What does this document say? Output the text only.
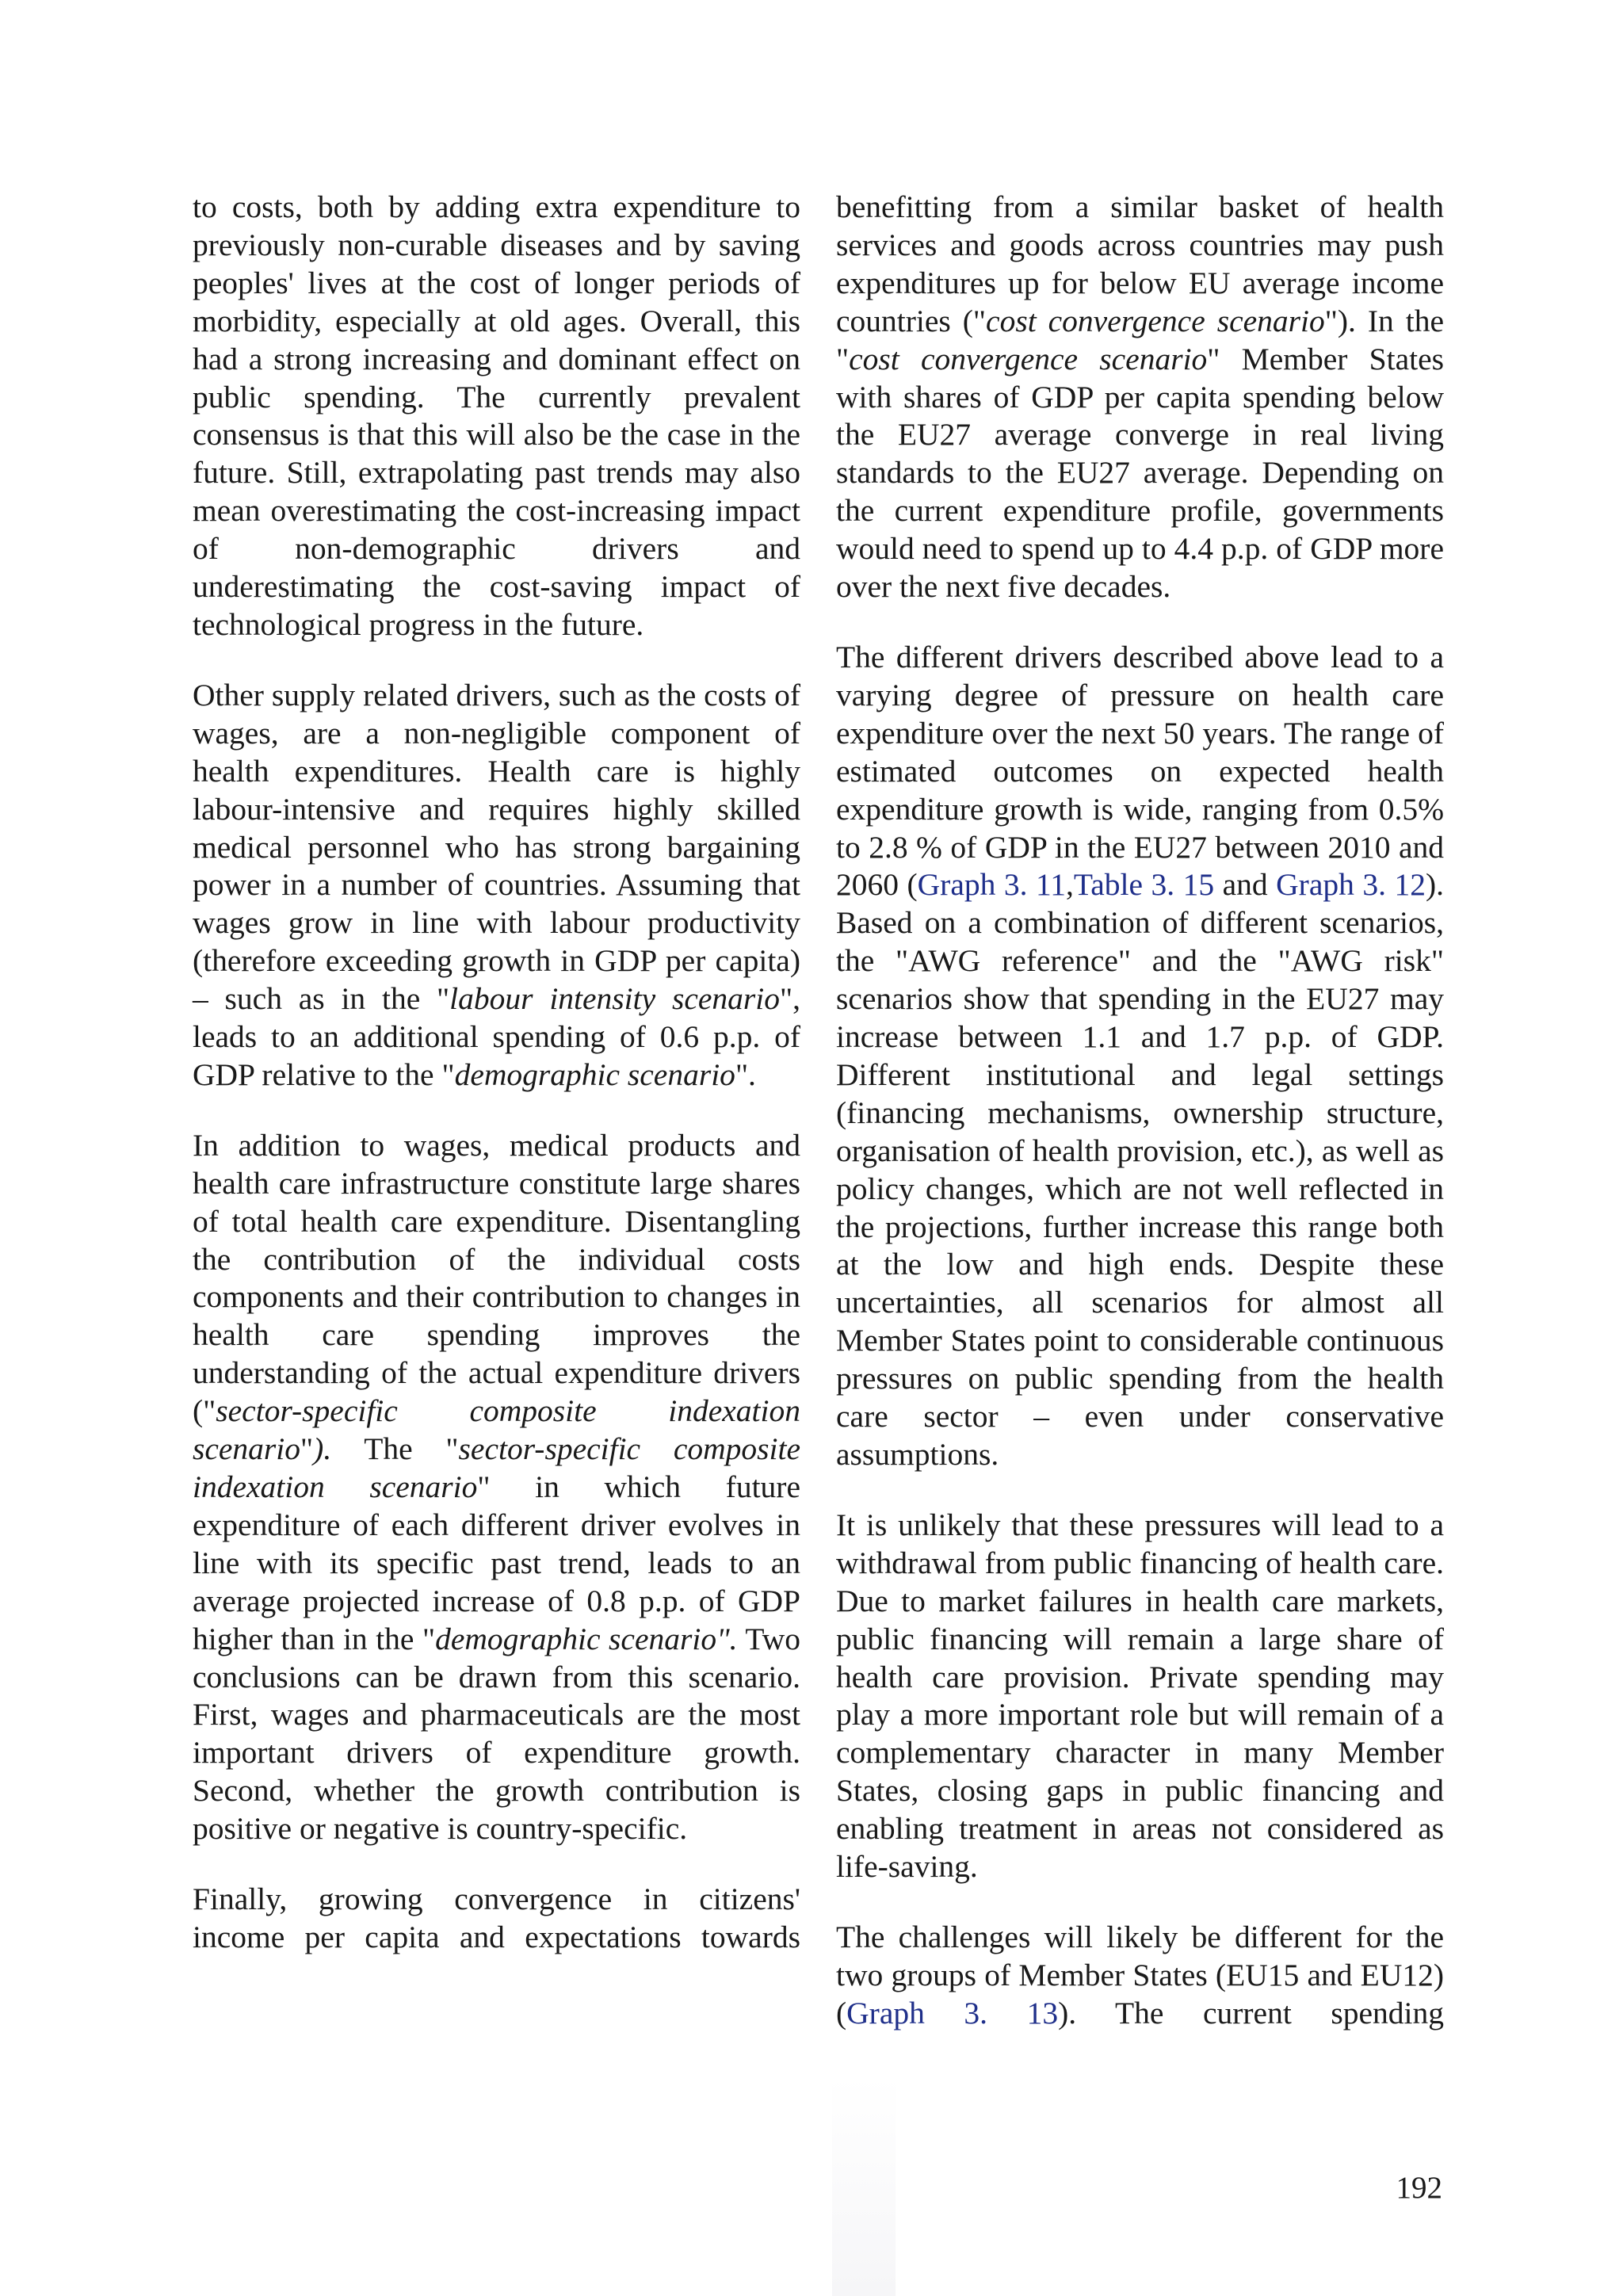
to costs, both by adding extra expenditure to previously non-curable diseases and by saving peoples' lives at the cost of longer periods of morbidity, especially at old ages. Overall, this had a strong increasing and dominant effect on public spending. The currently prevalent consensus is that this will also be the case in the future. Still, extrapolating past trends may also mean overestimating the cost-increasing impact of non-demographic drivers and underestimating the cost-saving impact of technological progress in the future.

Other supply related drivers, such as the costs of wages, are a non-negligible component of health expenditures. Health care is highly labour-intensive and requires highly skilled medical personnel who has strong bargaining power in a number of countries. Assuming that wages grow in line with labour productivity (therefore exceeding growth in GDP per capita) – such as in the "labour intensity scenario", leads to an additional spending of 0.6 p.p. of GDP relative to the "demographic scenario".

In addition to wages, medical products and health care infrastructure constitute large shares of total health care expenditure. Disentangling the contribution of the individual costs components and their contribution to changes in health care spending improves the understanding of the actual expenditure drivers ("sector-specific composite indexation scenario"). The "sector-specific composite indexation scenario" in which future expenditure of each different driver evolves in line with its specific past trend, leads to an average projected increase of 0.8 p.p. of GDP higher than in the "demographic scenario". Two conclusions can be drawn from this scenario. First, wages and pharmaceuticals are the most important drivers of expenditure growth. Second, whether the growth contribution is positive or negative is country-specific.

Finally, growing convergence in citizens' income per capita and expectations towards

benefitting from a similar basket of health services and goods across countries may push expenditures up for below EU average income countries ("cost convergence scenario"). In the "cost convergence scenario" Member States with shares of GDP per capita spending below the EU27 average converge in real living standards to the EU27 average. Depending on the current expenditure profile, governments would need to spend up to 4.4 p.p. of GDP more over the next five decades.

The different drivers described above lead to a varying degree of pressure on health care expenditure over the next 50 years. The range of estimated outcomes on expected health expenditure growth is wide, ranging from 0.5% to 2.8 % of GDP in the EU27 between 2010 and 2060 (Graph 3. 11,Table 3. 15 and Graph 3. 12). Based on a combination of different scenarios, the "AWG reference" and the "AWG risk" scenarios show that spending in the EU27 may increase between 1.1 and 1.7 p.p. of GDP. Different institutional and legal settings (financing mechanisms, ownership structure, organisation of health provision, etc.), as well as policy changes, which are not well reflected in the projections, further increase this range both at the low and high ends. Despite these uncertainties, all scenarios for almost all Member States point to considerable continuous pressures on public spending from the health care sector – even under conservative assumptions.

It is unlikely that these pressures will lead to a withdrawal from public financing of health care. Due to market failures in health care markets, public financing will remain a large share of health care provision. Private spending may play a more important role but will remain of a complementary character in many Member States, closing gaps in public financing and enabling treatment in areas not considered as life-saving.

The challenges will likely be different for the two groups of Member States (EU15 and EU12) (Graph 3. 13). The current spending

192
